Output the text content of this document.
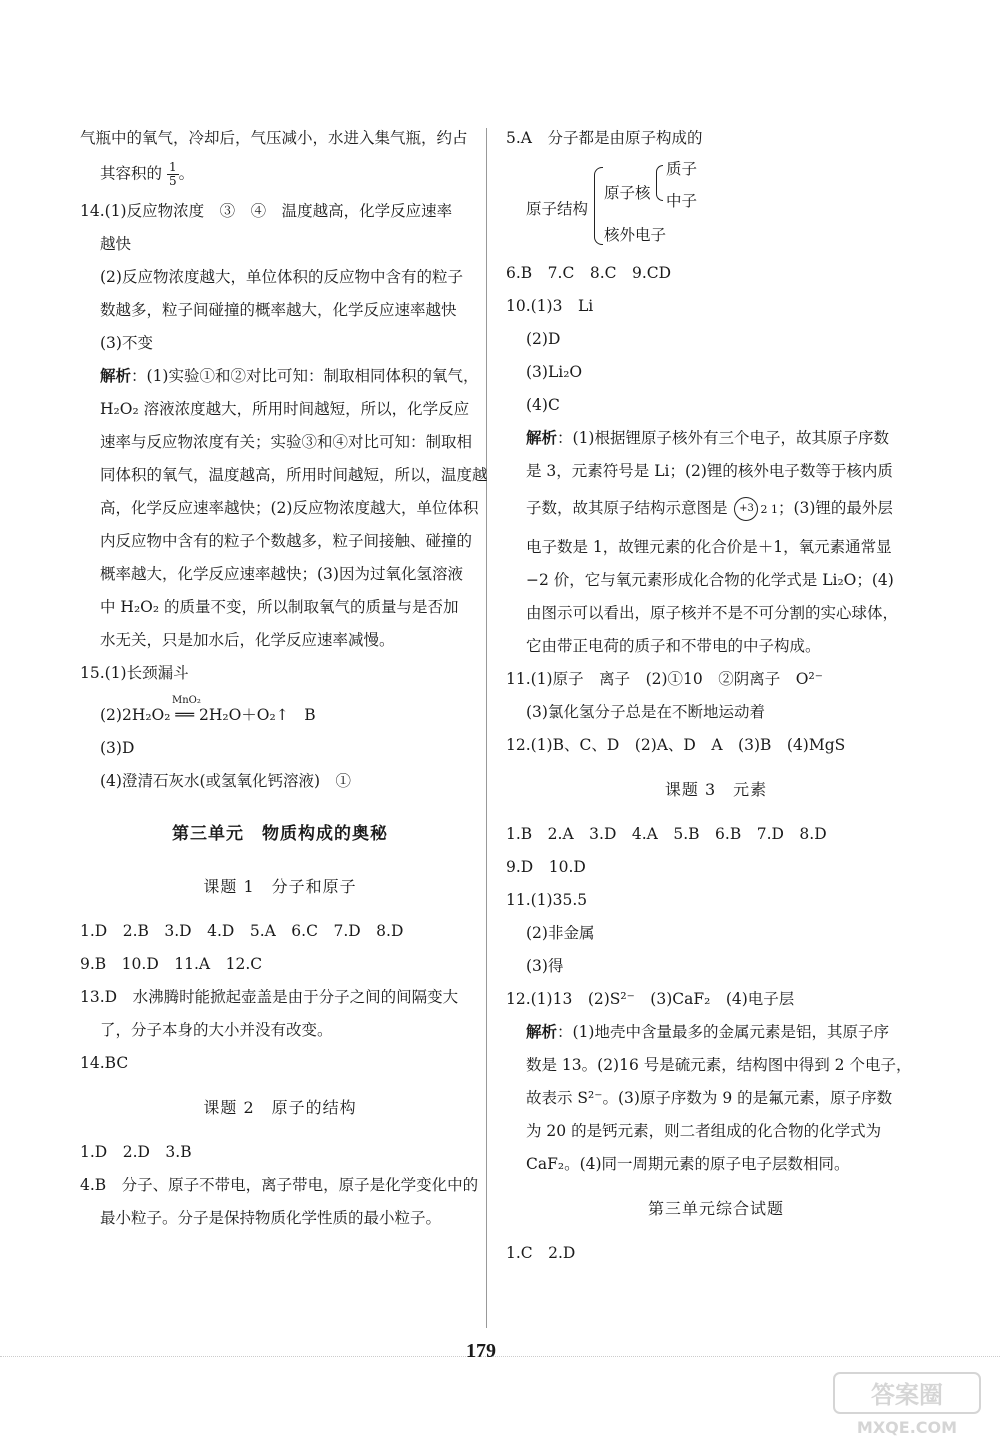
气瓶中的氧气，冷却后，气压减小，水进入集气瓶，约占
其容积的 $\frac{1}{5}$ 。
14.(1)反应物浓度　③　④　温度越高，化学反应速率
越快
(2)反应物浓度越大，单位体积的反应物中含有的粒子
数越多，粒子间碰撞的概率越大，化学反应速率越快
(3)不变
解析：(1)实验①和②对比可知：制取相同体积的氧气，
H₂O₂ 溶液浓度越大，所用时间越短，所以，化学反应
速率与反应物浓度有关；实验③和④对比可知：制取相
同体积的氧气，温度越高，所用时间越短，所以，温度越
高，化学反应速率越快；(2)反应物浓度越大，单位体积
内反应物中含有的粒子个数越多，粒子间接触、碰撞的
概率越大，化学反应速率越快；(3)因为过氧化氢溶液
中 H₂O₂ 的质量不变，所以制取氧气的质量与是否加
水无关，只是加水后，化学反应速率减慢。
15.(1)长颈漏斗
MnO₂
(2)2H₂O₂ ══ 2H₂O＋O₂↑　B
(3)D
(4)澄清石灰水(或氢氧化钙溶液)　①
第三单元　物质构成的奥秘
课题 1　分子和原子
1.D　2.B　3.D　4.D　5.A　6.C　7.D　8.D
9.B　10.D　11.A　12.C
13.D　水沸腾时能掀起壶盖是由于分子之间的间隔变大
了，分子本身的大小并没有改变。
14.BC
课题 2　原子的结构
1.D　2.D　3.B
4.B　分子、原子不带电，离子带电，原子是化学变化中的
最小粒子。分子是保持物质化学性质的最小粒子。
5.A　分子都是由原子构成的
原子结构
原子核
质子
中子
核外电子
6.B　7.C　8.C　9.CD
10.(1)3　Li
(2)D
(3)Li₂O
(4)C
解析：(1)根据锂原子核外有三个电子，故其原子序数
是 3，元素符号是 Li；(2)锂的核外电子数等于核内质
子数，故其原子结构示意图是 +3 2 1；(3)锂的最外层
电子数是 1，故锂元素的化合价是＋1，氧元素通常显
−2 价，它与氧元素形成化合物的化学式是 Li₂O；(4)
由图示可以看出，原子核并不是不可分割的实心球体，
它由带正电荷的质子和不带电的中子构成。
11.(1)原子　离子　(2)①10　②阴离子　O²⁻
(3)氯化氢分子总是在不断地运动着
12.(1)B、C、D　(2)A、D　A　(3)B　(4)MgS
课题 3　元素
1.B　2.A　3.D　4.A　5.B　6.B　7.D　8.D
9.D　10.D
11.(1)35.5
(2)非金属
(3)得
12.(1)13　(2)S²⁻　(3)CaF₂　(4)电子层
解析：(1)地壳中含量最多的金属元素是铝，其原子序
数是 13。(2)16 号是硫元素，结构图中得到 2 个电子，
故表示 S²⁻。(3)原子序数为 9 的是氟元素，原子序数
为 20 的是钙元素，则二者组成的化合物的化学式为
CaF₂。(4)同一周期元素的原子电子层数相同。
第三单元综合试题
1.C　2.D
179
答案圈
MXQE.COM
